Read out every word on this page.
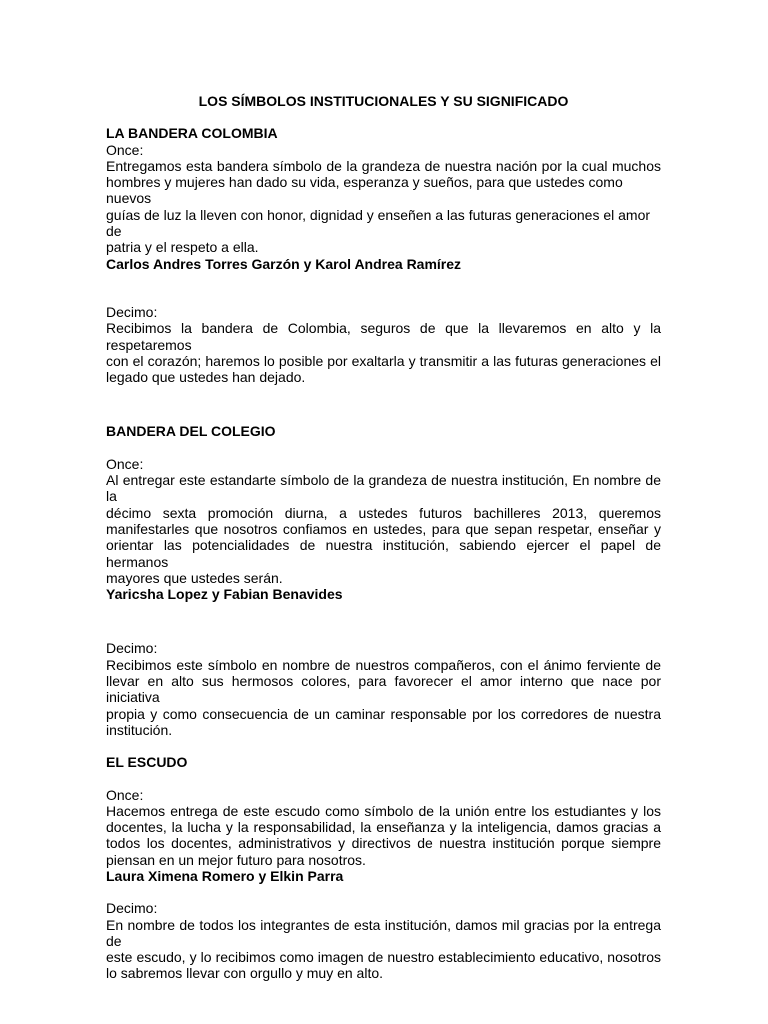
LOS SÍMBOLOS INSTITUCIONALES Y SU SIGNIFICADO
LA BANDERA COLOMBIA
Once:
Entregamos esta bandera símbolo de la grandeza de nuestra nación por la cual muchos
hombres y mujeres han dado su vida, esperanza y sueños, para que ustedes como
nuevos
guías de luz la lleven con honor, dignidad y enseñen a las futuras generaciones el amor
de
patria y el respeto a ella.
Carlos Andres Torres Garzón y Karol Andrea Ramírez
Decimo:
Recibimos la bandera de Colombia, seguros de que la llevaremos en alto y la
respetaremos
con el corazón; haremos lo posible por exaltarla y transmitir a las futuras generaciones el
legado que ustedes han dejado.
BANDERA DEL COLEGIO
Once:
Al entregar este estandarte símbolo de la grandeza de nuestra institución, En nombre de
la
décimo sexta promoción diurna, a ustedes futuros bachilleres 2013, queremos
manifestarles que nosotros confiamos en ustedes, para que sepan respetar, enseñar y
orientar las potencialidades de nuestra institución, sabiendo ejercer el papel de hermanos
mayores que ustedes serán.
Yaricsha Lopez y Fabian Benavides
Decimo:
Recibimos este símbolo en nombre de nuestros compañeros, con el ánimo ferviente de
llevar en alto sus hermosos colores, para favorecer el amor interno que nace por iniciativa
propia y como consecuencia de un caminar responsable por los corredores de nuestra
institución.
EL ESCUDO
Once:
Hacemos entrega de este escudo como símbolo de la unión entre los estudiantes y los
docentes, la lucha y la responsabilidad, la enseñanza y la inteligencia, damos gracias a
todos los docentes, administrativos y directivos de nuestra institución porque siempre
piensan en un mejor futuro para nosotros.
Laura Ximena Romero y Elkin Parra
Decimo:
En nombre de todos los integrantes de esta institución, damos mil gracias por la entrega
de
este escudo, y lo recibimos como imagen de nuestro establecimiento educativo, nosotros
lo sabremos llevar con orgullo y muy en alto.
